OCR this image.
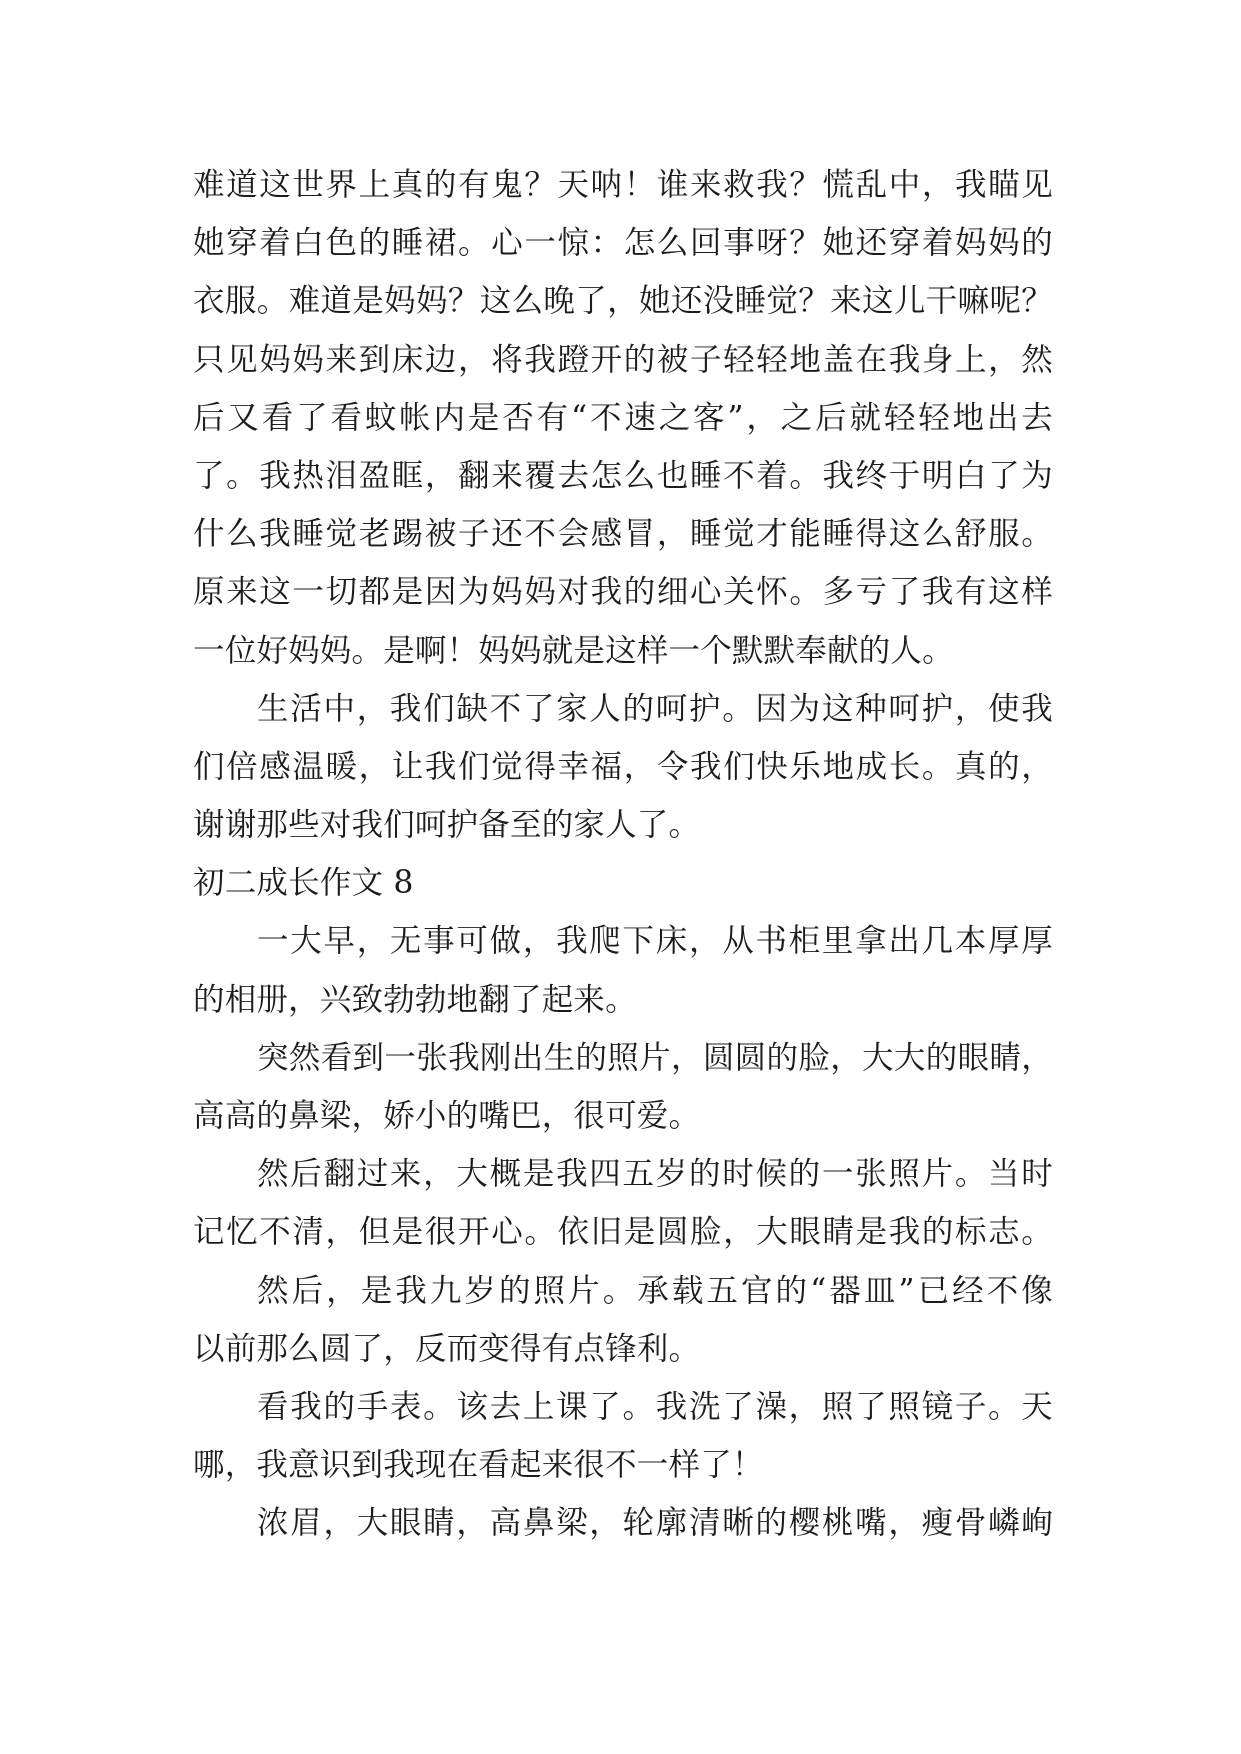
难道这世界上真的有鬼？天呐！谁来救我？慌乱中，我瞄见
她穿着白色的睡裙。心一惊：怎么回事呀？她还穿着妈妈的
衣服。难道是妈妈？这么晚了，她还没睡觉？来这儿干嘛呢？
只见妈妈来到床边，将我蹬开的被子轻轻地盖在我身上，然
后又看了看蚊帐内是否有“不速之客”，之后就轻轻地出去
了。我热泪盈眶，翻来覆去怎么也睡不着。我终于明白了为
什么我睡觉老踢被子还不会感冒，睡觉才能睡得这么舒服。
原来这一切都是因为妈妈对我的细心关怀。多亏了我有这样
一位好妈妈。是啊！妈妈就是这样一个默默奉献的人。
生活中，我们缺不了家人的呵护。因为这种呵护，使我
们倍感温暖，让我们觉得幸福，令我们快乐地成长。真的，
谢谢那些对我们呵护备至的家人了。
初二成长作文 8
一大早，无事可做，我爬下床，从书柜里拿出几本厚厚
的相册，兴致勃勃地翻了起来。
突然看到一张我刚出生的照片，圆圆的脸，大大的眼睛，
高高的鼻梁，娇小的嘴巴，很可爱。
然后翻过来，大概是我四五岁的时候的一张照片。当时
记忆不清，但是很开心。依旧是圆脸，大眼睛是我的标志。
然后，是我九岁的照片。承载五官的“器皿”已经不像
以前那么圆了，反而变得有点锋利。
看我的手表。该去上课了。我洗了澡，照了照镜子。天
哪，我意识到我现在看起来很不一样了！
浓眉，大眼睛，高鼻梁，轮廓清晰的樱桃嘴，瘦骨嶙峋
